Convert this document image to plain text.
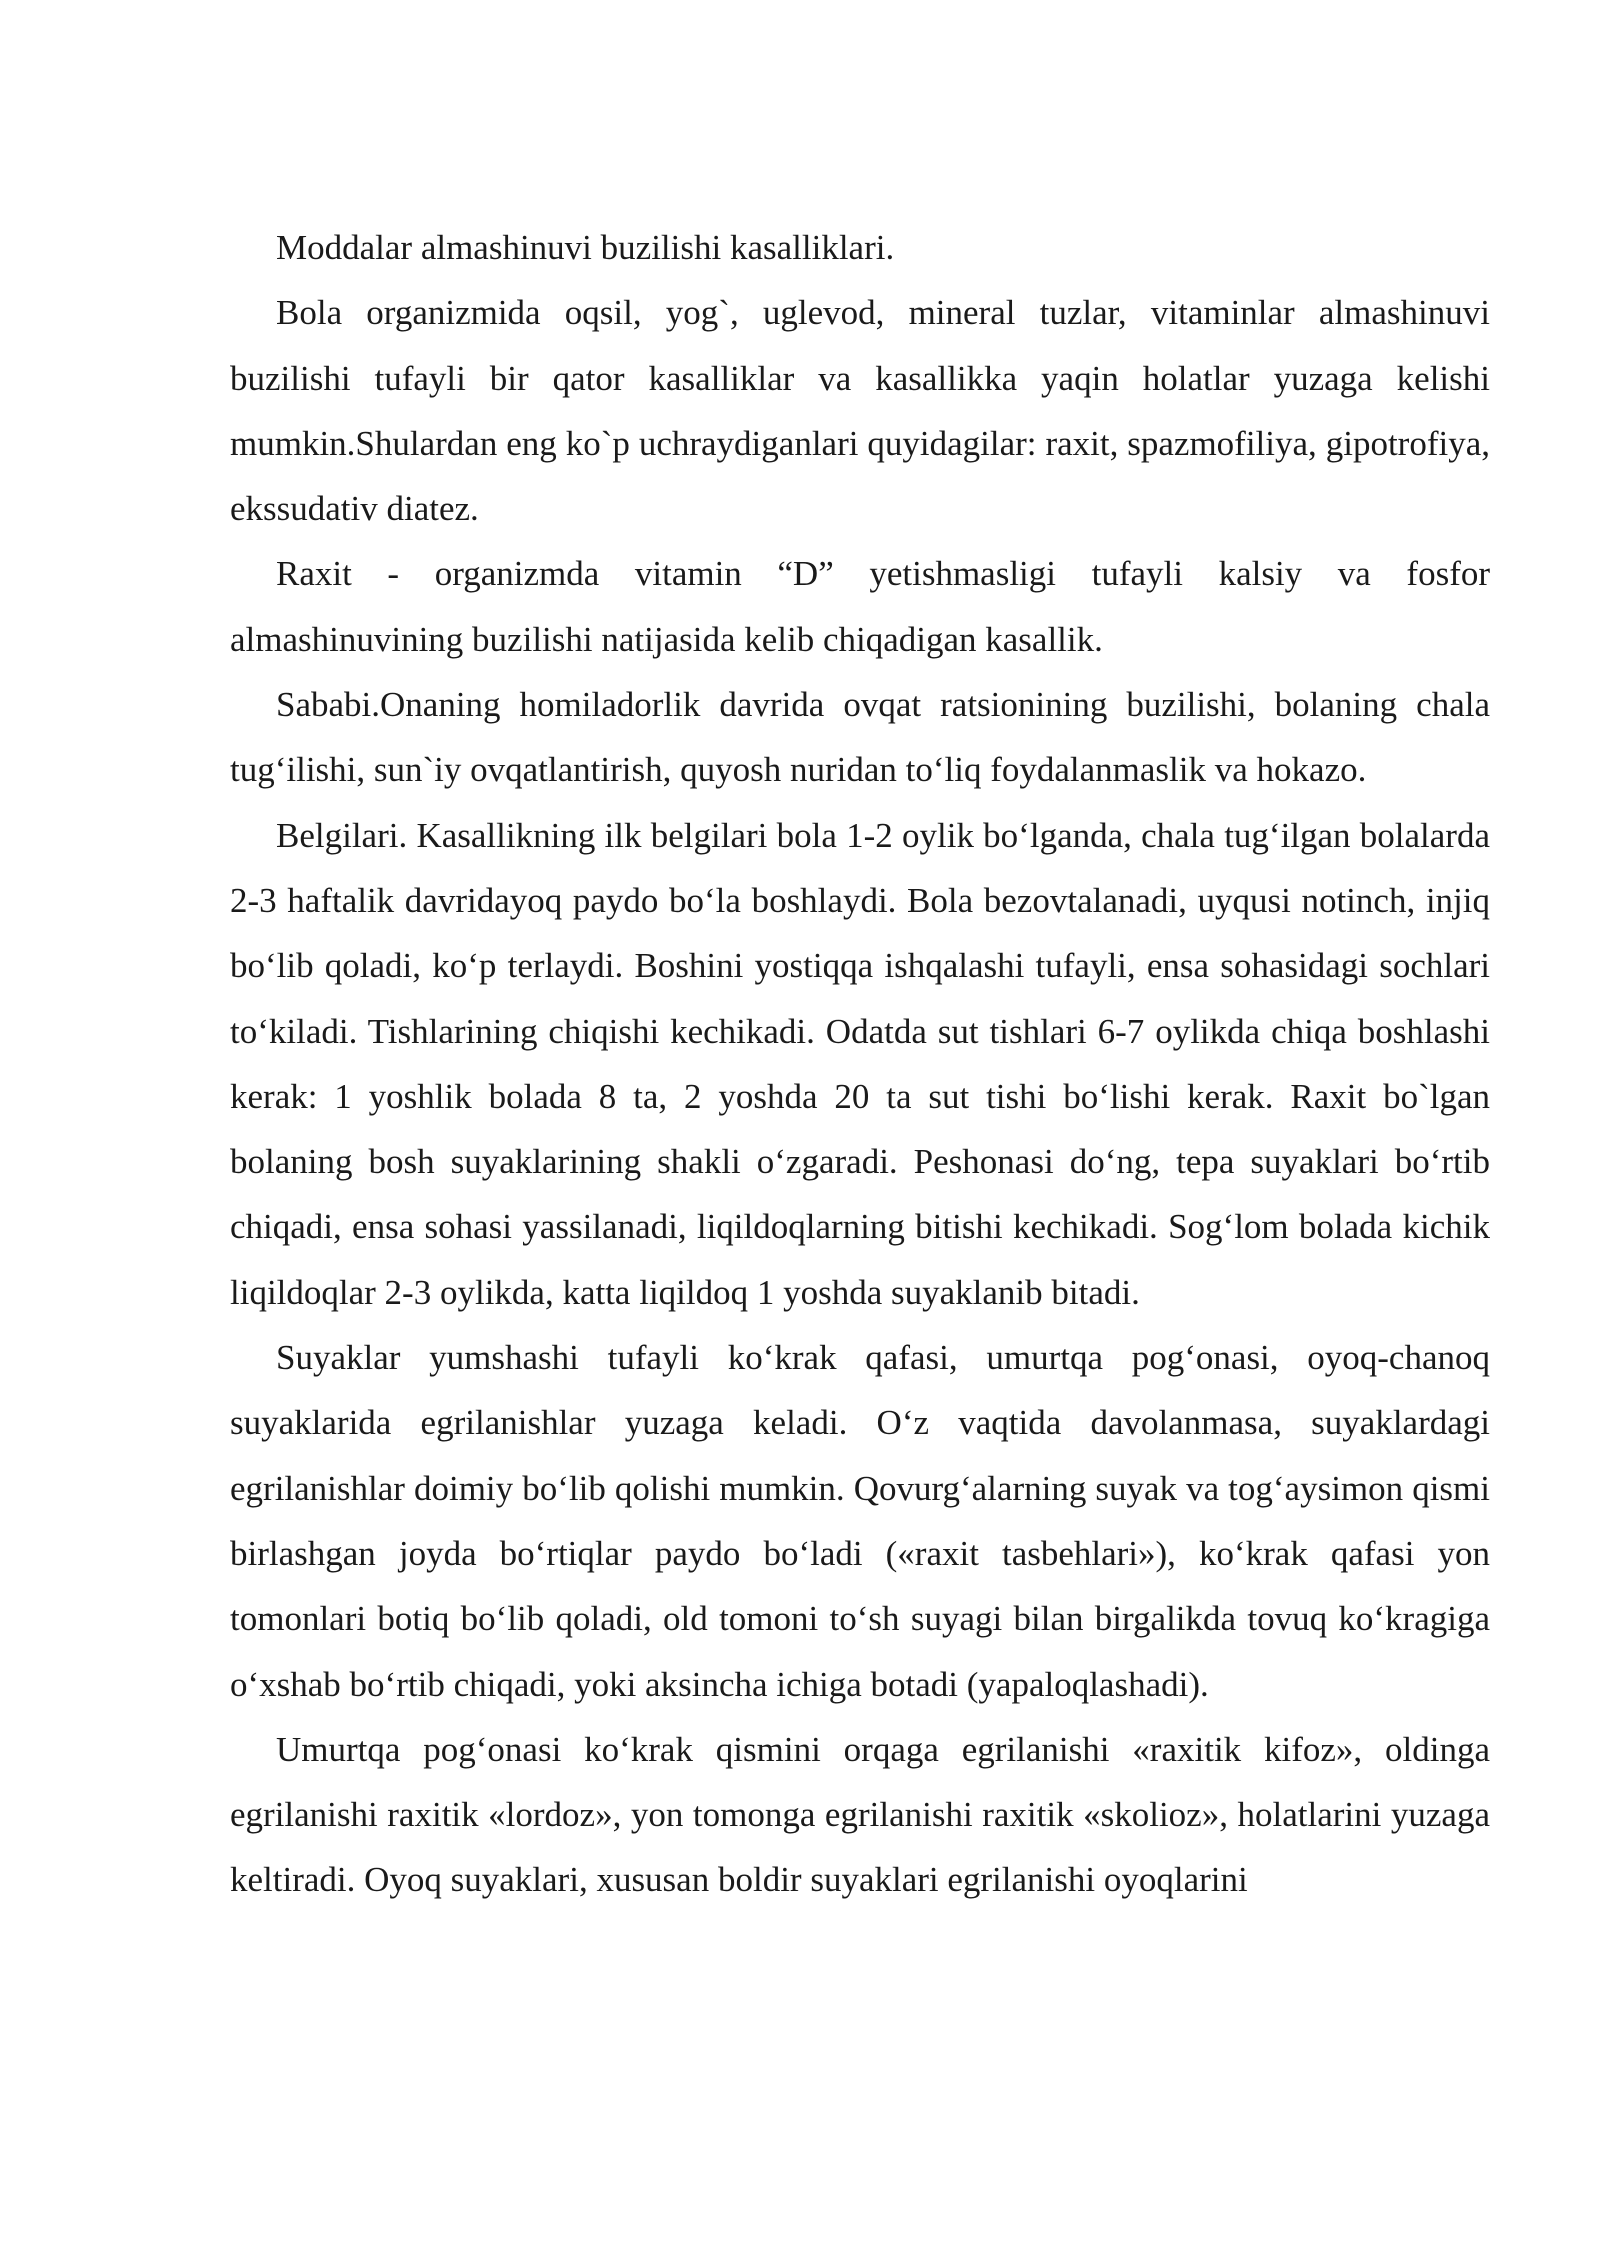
Moddalar almashinuvi buzilishi kasalliklari.

Bola organizmida oqsil, yog`, uglevod, mineral tuzlar, vitaminlar almashinuvi buzilishi tufayli bir qator kasalliklar va kasallikka yaqin holatlar yuzaga kelishi mumkin.Shulardan eng ko`p uchraydiganlari quyidagilar: raxit, spazmofiliya, gipotrofiya, ekssudativ diatez.

Raxit - organizmda vitamin “D” yetishmasligi tufayli kalsiy va fosfor almashinuvining buzilishi natijasida kelib chiqadigan kasallik.

Sababi.Onaning homiladorlik davrida ovqat ratsionining buzilishi, bolaning chala tug‘ilishi, sun`iy ovqatlantirish, quyosh nuridan to‘liq foydalanmaslik va hokazo.

Belgilari. Kasallikning ilk belgilari bola 1-2 oylik bo‘lganda, chala tug‘ilgan bolalarda 2-3 haftalik davridayoq paydo bo‘la boshlaydi. Bola bezovtalanadi, uyqusi notinch, injiq bo‘lib qoladi, ko‘p terlaydi. Boshini yostiqqa ishqalashi tufayli, ensa sohasidagi sochlari to‘kiladi. Tishlarining chiqishi kechikadi. Odatda sut tishlari 6-7 oylikda chiqa boshlashi kerak: 1 yoshlik bolada 8 ta, 2 yoshda 20 ta sut tishi bo‘lishi kerak. Raxit bo`lgan bolaning bosh suyaklarining shakli o‘zgaradi. Peshonasi do‘ng, tepa suyaklari bo‘rtib chiqadi, ensa sohasi yassilanadi, liqildoqlarning bitishi kechikadi. Sog‘lom bolada kichik liqildoqlar 2-3 oylikda, katta liqildoq 1 yoshda suyaklanib bitadi.

Suyaklar yumshashi tufayli ko‘krak qafasi, umurtqa pog‘onasi, oyoq-chanoq suyaklarida egrilanishlar yuzaga keladi. O‘z vaqtida davolanmasa, suyaklardagi egrilanishlar doimiy bo‘lib qolishi mumkin. Qovurg‘alarning suyak va tog‘aysimon qismi birlashgan joyda bo‘rtiqlar paydo bo‘ladi («raxit tasbehlari»), ko‘krak qafasi yon tomonlari botiq bo‘lib qoladi, old tomoni to‘sh suyagi bilan birgalikda tovuq ko‘kragiga o‘xshab bo‘rtib chiqadi, yoki aksincha ichiga botadi (yapaloqlashadi).

Umurtqa pog‘onasi ko‘krak qismini orqaga egrilanishi «raxitik kifoz», oldinga egrilanishi raxitik «lordoz», yon tomonga egrilanishi raxitik «skolioz», holatlarini yuzaga keltiradi. Oyoq suyaklari, xususan boldir suyaklari egrilanishi oyoqlarini
